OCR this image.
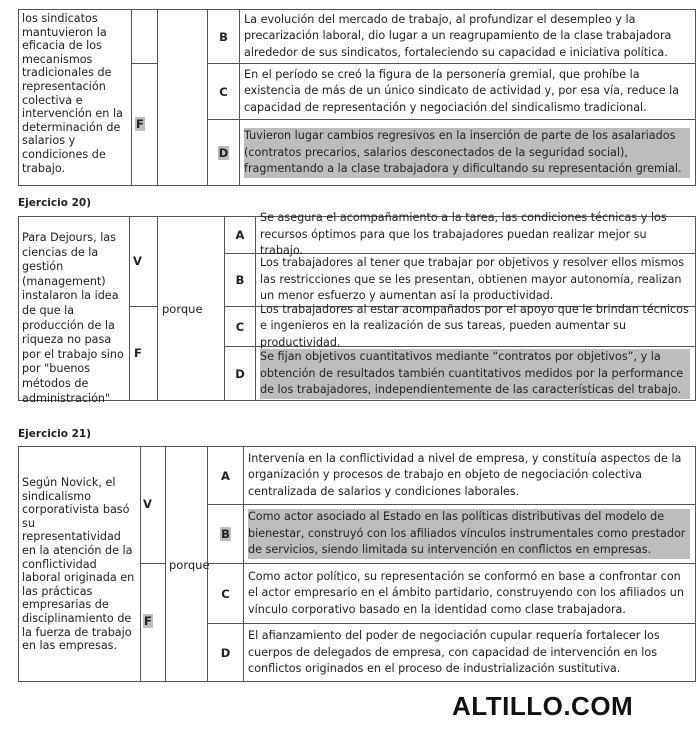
los sindicatos mantuvieron la eficacia de los mecanismos tradicionales de representación colectiva e intervención en la determinación de salarios y condiciones de trabajo.
F
B
La evolución del mercado de trabajo, al profundizar el desempleo y la precarización laboral, dio lugar a un reagrupamiento de la clase trabajadora alrededor de sus sindicatos, fortaleciendo su capacidad e iniciativa política.
C
En el período se creó la figura de la personería gremial, que prohíbe la existencia de más de un único sindicato de actividad y, por esa vía, reduce la capacidad de representación y negociación del sindicalismo tradicional.
D
Tuvieron lugar cambios regresivos en la inserción de parte de los asalariados (contratos precarios, salarios desconectados de la seguridad social), fragmentando a la clase trabajadora y dificultando su representación gremial.
Ejercicio 20)
Para Dejours, las ciencias de la gestión (management) instalaron la idea de que la producción de la riqueza no pasa por el trabajo sino por "buenos métodos de administración"
V
F
porque
A
Se asegura el acompañamiento a la tarea, las condiciones técnicas y los recursos óptimos para que los trabajadores puedan realizar mejor su trabajo.
B
Los trabajadores al tener que trabajar por objetivos y resolver ellos mismos las restricciones que se les presentan, obtienen mayor autonomía, realizan un menor esfuerzo y aumentan así la productividad.
C
Los trabajadores al estar acompañados por el apoyo que le brindan técnicos e ingenieros en la realización de sus tareas, pueden aumentar su productividad.
D
Se fijan objetivos cuantitativos mediante “contratos por objetivos”, y la obtención de resultados también cuantitativos medidos por la performance de los trabajadores, independientemente de las características del trabajo.
Ejercicio 21)
Según Novick, el sindicalismo corporativista basó su representatividad en la atención de la conflictividad laboral originada en las prácticas empresarias de disciplinamiento de la fuerza de trabajo en las empresas.
V
F
porque
A
Intervenía en la conflictividad a nivel de empresa, y constituía aspectos de la organización y procesos de trabajo en objeto de negociación colectiva centralizada de salarios y condiciones laborales.
B
Como actor asociado al Estado en las políticas distributivas del modelo de bienestar, construyó con los afiliados vínculos instrumentales como prestador de servicios, siendo limitada su intervención en conflictos en empresas.
C
Como actor político, su representación se conformó en base a confrontar con el actor empresario en el ámbito partidario, construyendo con los afiliados un vínculo corporativo basado en la identidad como clase trabajadora.
D
El afianzamiento del poder de negociación cupular requería fortalecer los cuerpos de delegados de empresa, con capacidad de intervención en los conflictos originados en el proceso de industrialización sustitutiva.
ALTILLO.COM
